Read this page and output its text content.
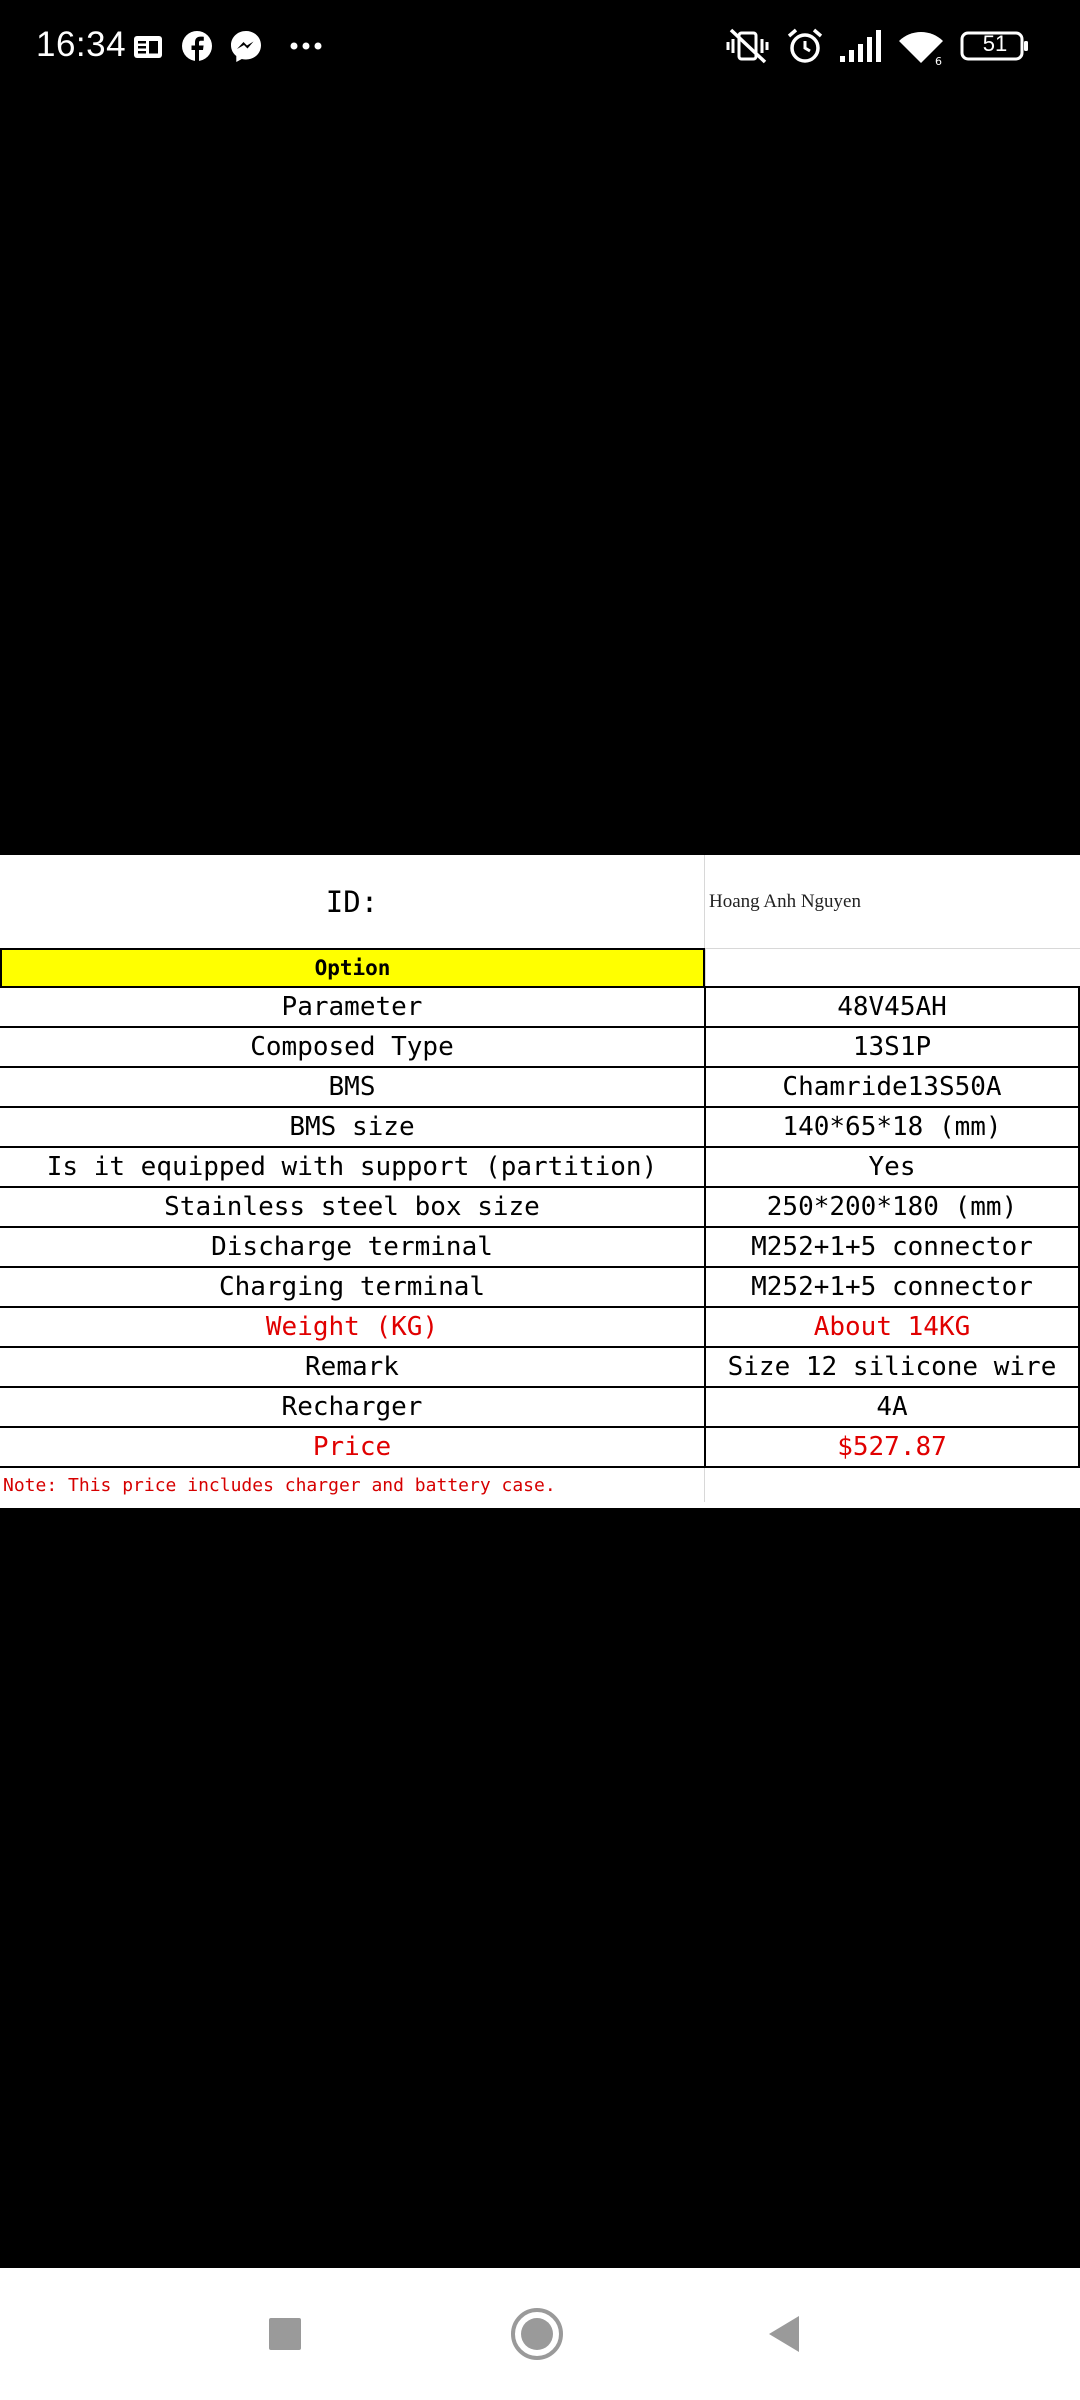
16:34	6
51
ID:	Hoang Anh Nguyen
Option
Parameter	48V45AH
Composed Type	13S1P
BMS	Chamride13S50A
BMS size	140*65*18 (mm)
Is it equipped with support (partition)	Yes
Stainless steel box size	250*200*180 (mm)
Discharge terminal	M252+1+5 connector
Charging terminal	M252+1+5 connector
Weight (KG)	About 14KG
Remark	Size 12 silicone wire
Recharger	4A
Price	$527.87
Note: This price includes charger and battery case.
